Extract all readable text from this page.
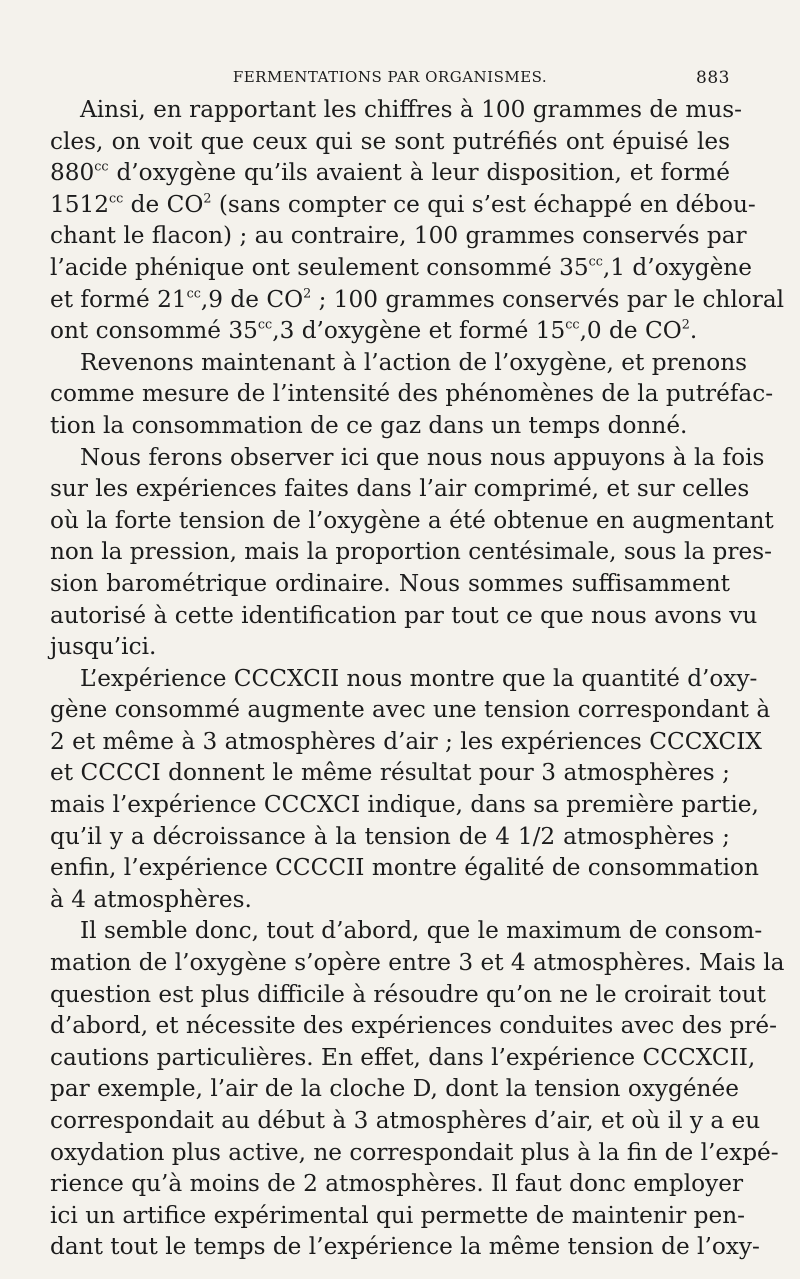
FERMENTATIONS PAR ORGANISMES.	883
Ainsi, en rapportant les chiffres à 100 grammes de mus-
cles, on voit que ceux qui se sont putréfiés ont épuisé les
$880^{cc}$ d’oxygène qu’ils avaient à leur disposition, et formé
$1512^{cc}$ de $CO^2$ (sans compter ce qui s’est échappé en débou-
chant le flacon) ; au contraire, 100 grammes conservés par
l’acide phénique ont seulement consommé $35^{cc},1$ d’oxygène
et formé $21^{cc},9$ de $CO^2$ ; 100 grammes conservés par le chloral
ont consommé $35^{cc},3$ d’oxygène et formé $15^{cc},0$ de $CO^2$.
Revenons maintenant à l’action de l’oxygène, et prenons
comme mesure de l’intensité des phénomènes de la putréfac-
tion la consommation de ce gaz dans un temps donné.
Nous ferons observer ici que nous nous appuyons à la fois
sur les expériences faites dans l’air comprimé, et sur celles
où la forte tension de l’oxygène a été obtenue en augmentant
non la pression, mais la proportion centésimale, sous la pres-
sion barométrique ordinaire. Nous sommes suffisamment
autorisé à cette identification par tout ce que nous avons vu
jusqu’ici.
L’expérience CCCXCII nous montre que la quantité d’oxy-
gène consommé augmente avec une tension correspondant à
2 et même à 3 atmosphères d’air ; les expériences CCCXCIX
et CCCCI donnent le même résultat pour 3 atmosphères ;
mais l’expérience CCCXCI indique, dans sa première partie,
qu’il y a décroissance à la tension de 4 1/2 atmosphères ;
enfin, l’expérience CCCCII montre égalité de consommation
à 4 atmosphères.
Il semble donc, tout d’abord, que le maximum de consom-
mation de l’oxygène s’opère entre 3 et 4 atmosphères. Mais la
question est plus difficile à résoudre qu’on ne le croirait tout
d’abord, et nécessite des expériences conduites avec des pré-
cautions particulières. En effet, dans l’expérience CCCXCII,
par exemple, l’air de la cloche D, dont la tension oxygénée
correspondait au début à 3 atmosphères d’air, et où il y a eu
oxydation plus active, ne correspondait plus à la fin de l’expé-
rience qu’à moins de 2 atmosphères. Il faut donc employer
ici un artifice expérimental qui permette de maintenir pen-
dant tout le temps de l’expérience la même tension de l’oxy-
